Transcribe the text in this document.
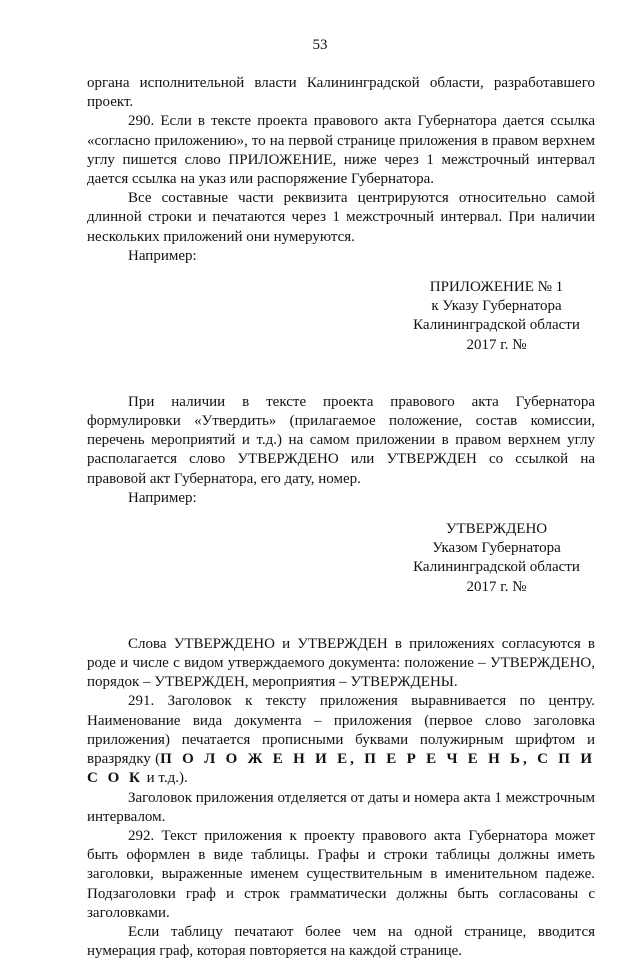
53

органа исполнительной власти Калининградской области, разработавшего проект.

290. Если в тексте проекта правового акта Губернатора дается ссылка «согласно приложению», то на первой странице приложения в правом верхнем углу пишется слово ПРИЛОЖЕНИЕ, ниже через 1 межстрочный интервал дается ссылка на указ или распоряжение Губернатора.

Все составные части реквизита центрируются относительно самой длинной строки и печатаются через 1 межстрочный интервал. При наличии нескольких приложений они нумеруются.

Например:

ПРИЛОЖЕНИЕ № 1
к Указу Губернатора
Калининградской области
2017 г. №

При наличии в тексте проекта правового акта Губернатора формулировки «Утвердить» (прилагаемое положение, состав комиссии, перечень мероприятий и т.д.) на самом приложении в правом верхнем углу располагается слово УТВЕРЖДЕНО или УТВЕРЖДЕН со ссылкой на правовой акт Губернатора, его дату, номер.

Например:

УТВЕРЖДЕНО
Указом Губернатора
Калининградской области
2017 г. №

Слова УТВЕРЖДЕНО и УТВЕРЖДЕН в приложениях согласуются в роде и числе с видом утверждаемого документа: положение – УТВЕРЖДЕНО, порядок – УТВЕРЖДЕН, мероприятия – УТВЕРЖДЕНЫ.

291. Заголовок к тексту приложения выравнивается по центру. Наименование вида документа – приложения (первое слово заголовка приложения) печатается прописными буквами полужирным шрифтом и вразрядку (П О Л О Ж Е Н И Е, П Е Р Е Ч Е Н Ь, С П И С О К и т.д.).

Заголовок приложения отделяется от даты и номера акта 1 межстрочным интервалом.

292. Текст приложения к проекту правового акта Губернатора может быть оформлен в виде таблицы. Графы и строки таблицы должны иметь заголовки, выраженные именем существительным в именительном падеже. Подзаголовки граф и строк грамматически должны быть согласованы с заголовками.

Если таблицу печатают более чем на одной странице, вводится нумерация граф, которая повторяется на каждой странице.
